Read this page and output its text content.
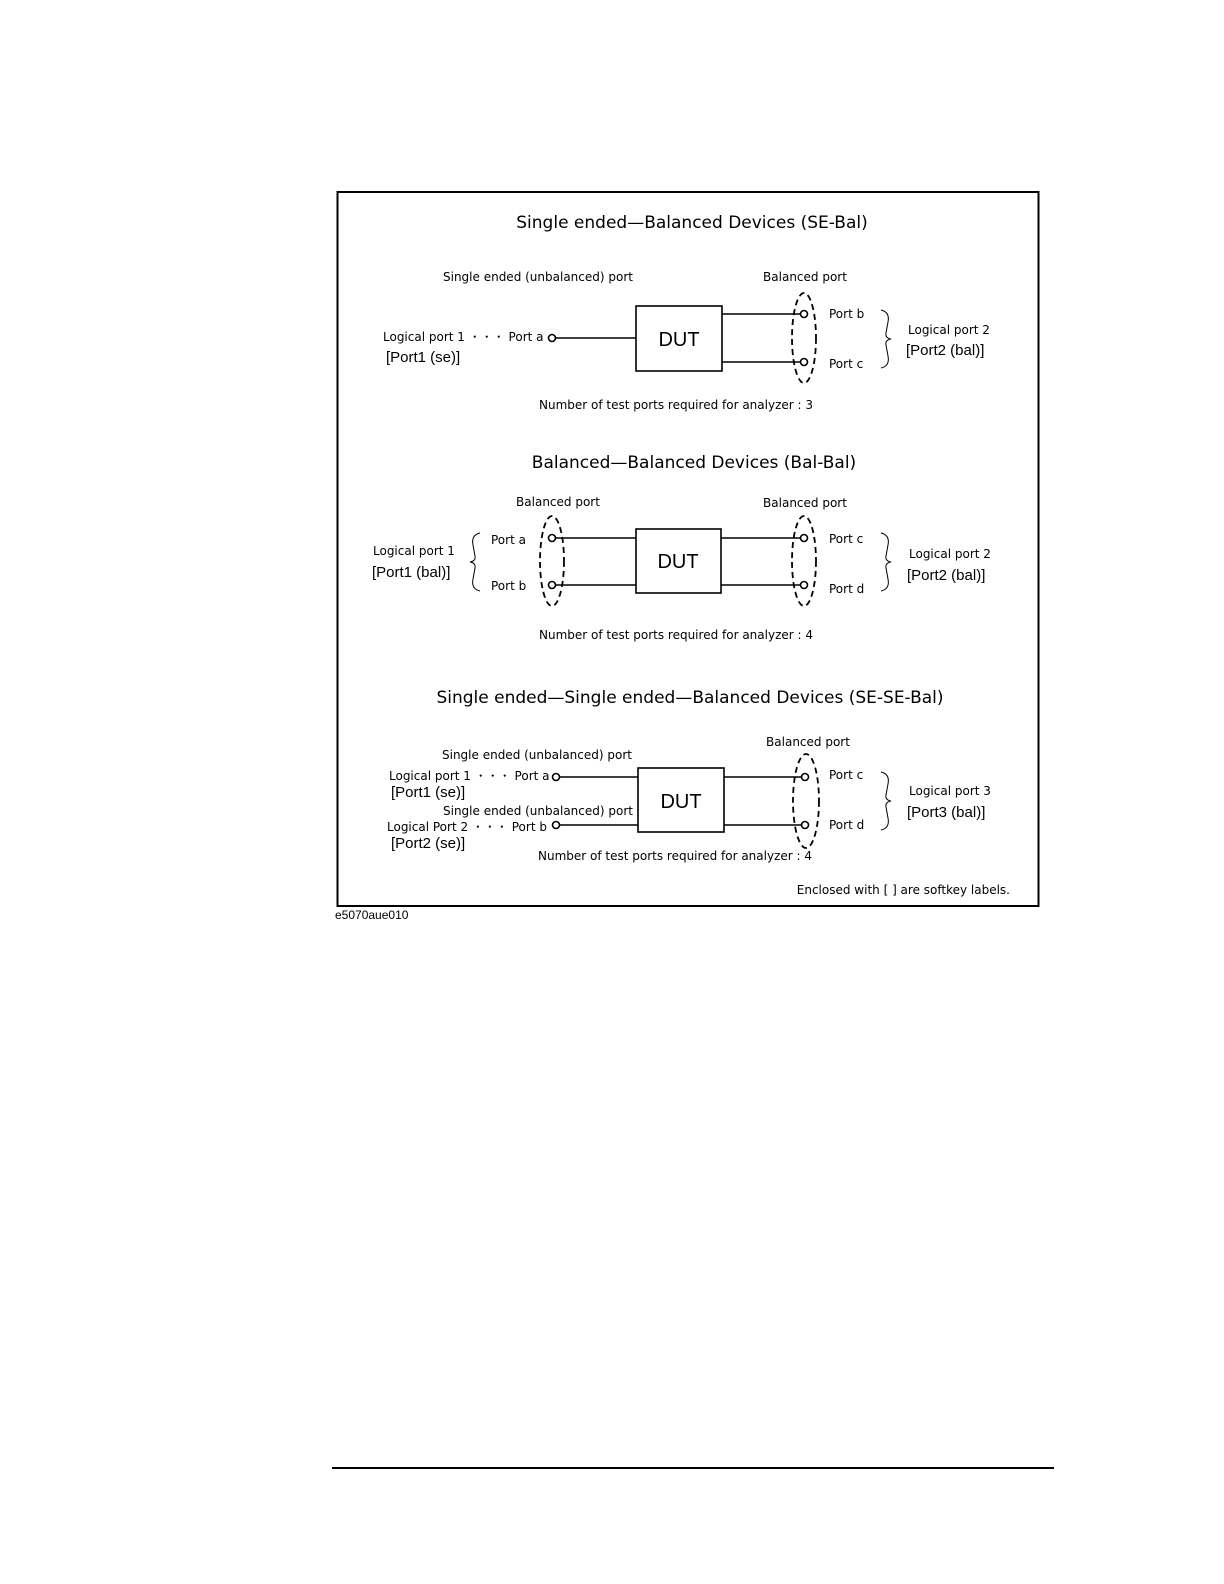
Single ended—Balanced Devices (SE-Bal)
Single ended (unbalanced) port	Balanced port
Logical port 1 ・・・ Port a
[Port1 (se)]
DUT
Port b
Port c
Logical port 2
[Port2 (bal)]
Number of test ports required for analyzer : 3
Balanced—Balanced Devices (Bal-Bal)
Balanced port	Balanced port
Logical port 1
[Port1 (bal)]
Port a
Port b
DUT
Port c
Port d
Logical port 2
[Port2 (bal)]
Number of test ports required for analyzer : 4
Single ended—Single ended—Balanced Devices (SE-SE-Bal)
Balanced port
Single ended (unbalanced) port
Logical port 1 ・・・ Port a
[Port1 (se)]
Single ended (unbalanced) port
Logical Port 2 ・・・ Port b
[Port2 (se)]
DUT
Port c
Port d
Logical port 3
[Port3 (bal)]
Number of test ports required for analyzer : 4
Enclosed with [ ] are softkey labels.
e5070aue010
